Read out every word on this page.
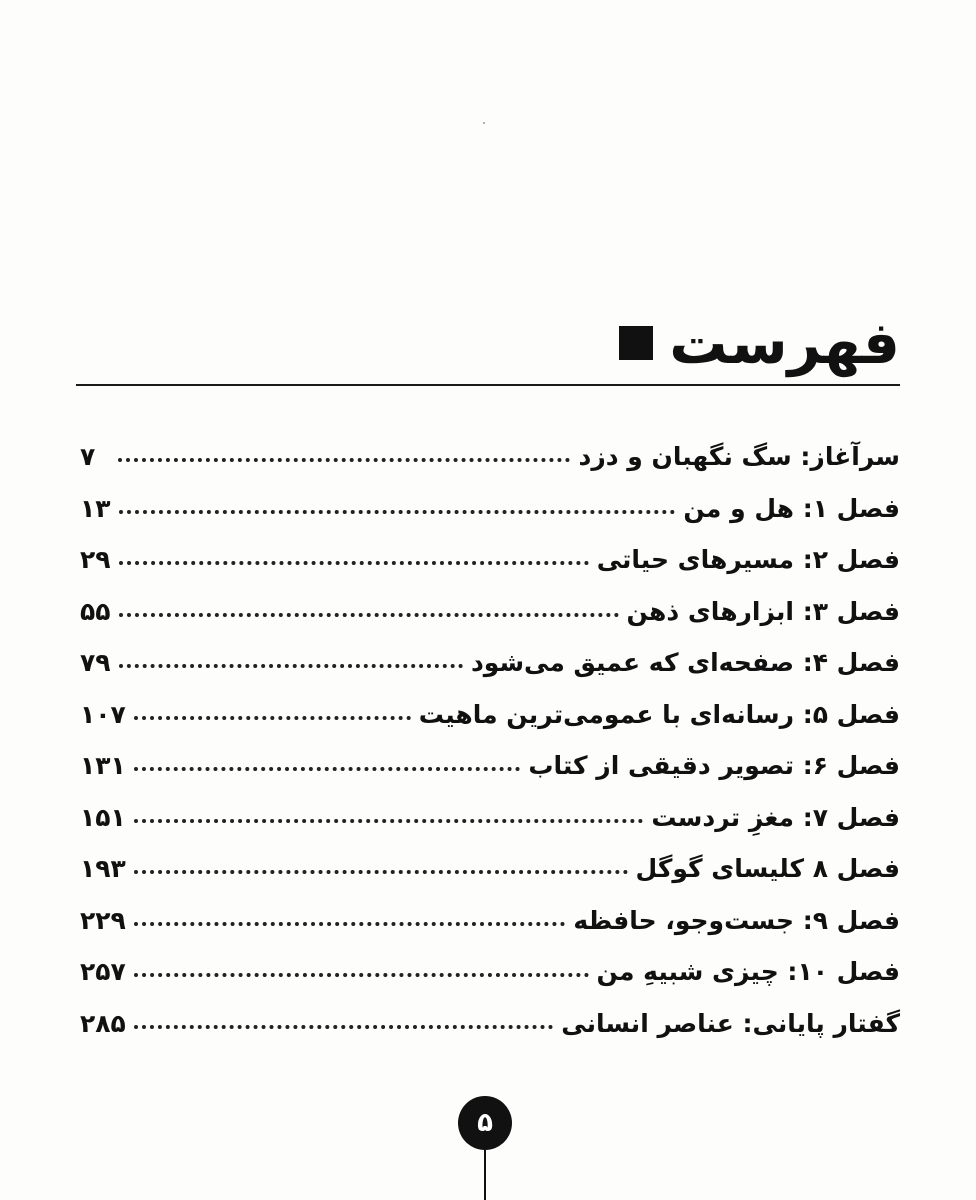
فهرست
سرآغاز: سگ نگهبان و دزد
۷
فصل ۱: هل و من
۱۳
فصل ۲: مسیرهای حیاتی
۲۹
فصل ۳: ابزارهای ذهن
۵۵
فصل ۴: صفحه‌ای که عمیق می‌شود
۷۹
فصل ۵: رسانه‌ای با عمومی‌ترین ماهیت
۱۰۷
فصل ۶: تصویر دقیقی از کتاب
۱۳۱
فصل ۷: مغزِ تردست
۱۵۱
فصل ۸ کلیسای گوگل
۱۹۳
فصل ۹: جست‌وجو، حافظه
۲۲۹
فصل ۱۰: چیزی شبیهِ من
۲۵۷
گفتار پایانی: عناصر انسانی
۲۸۵
۵
